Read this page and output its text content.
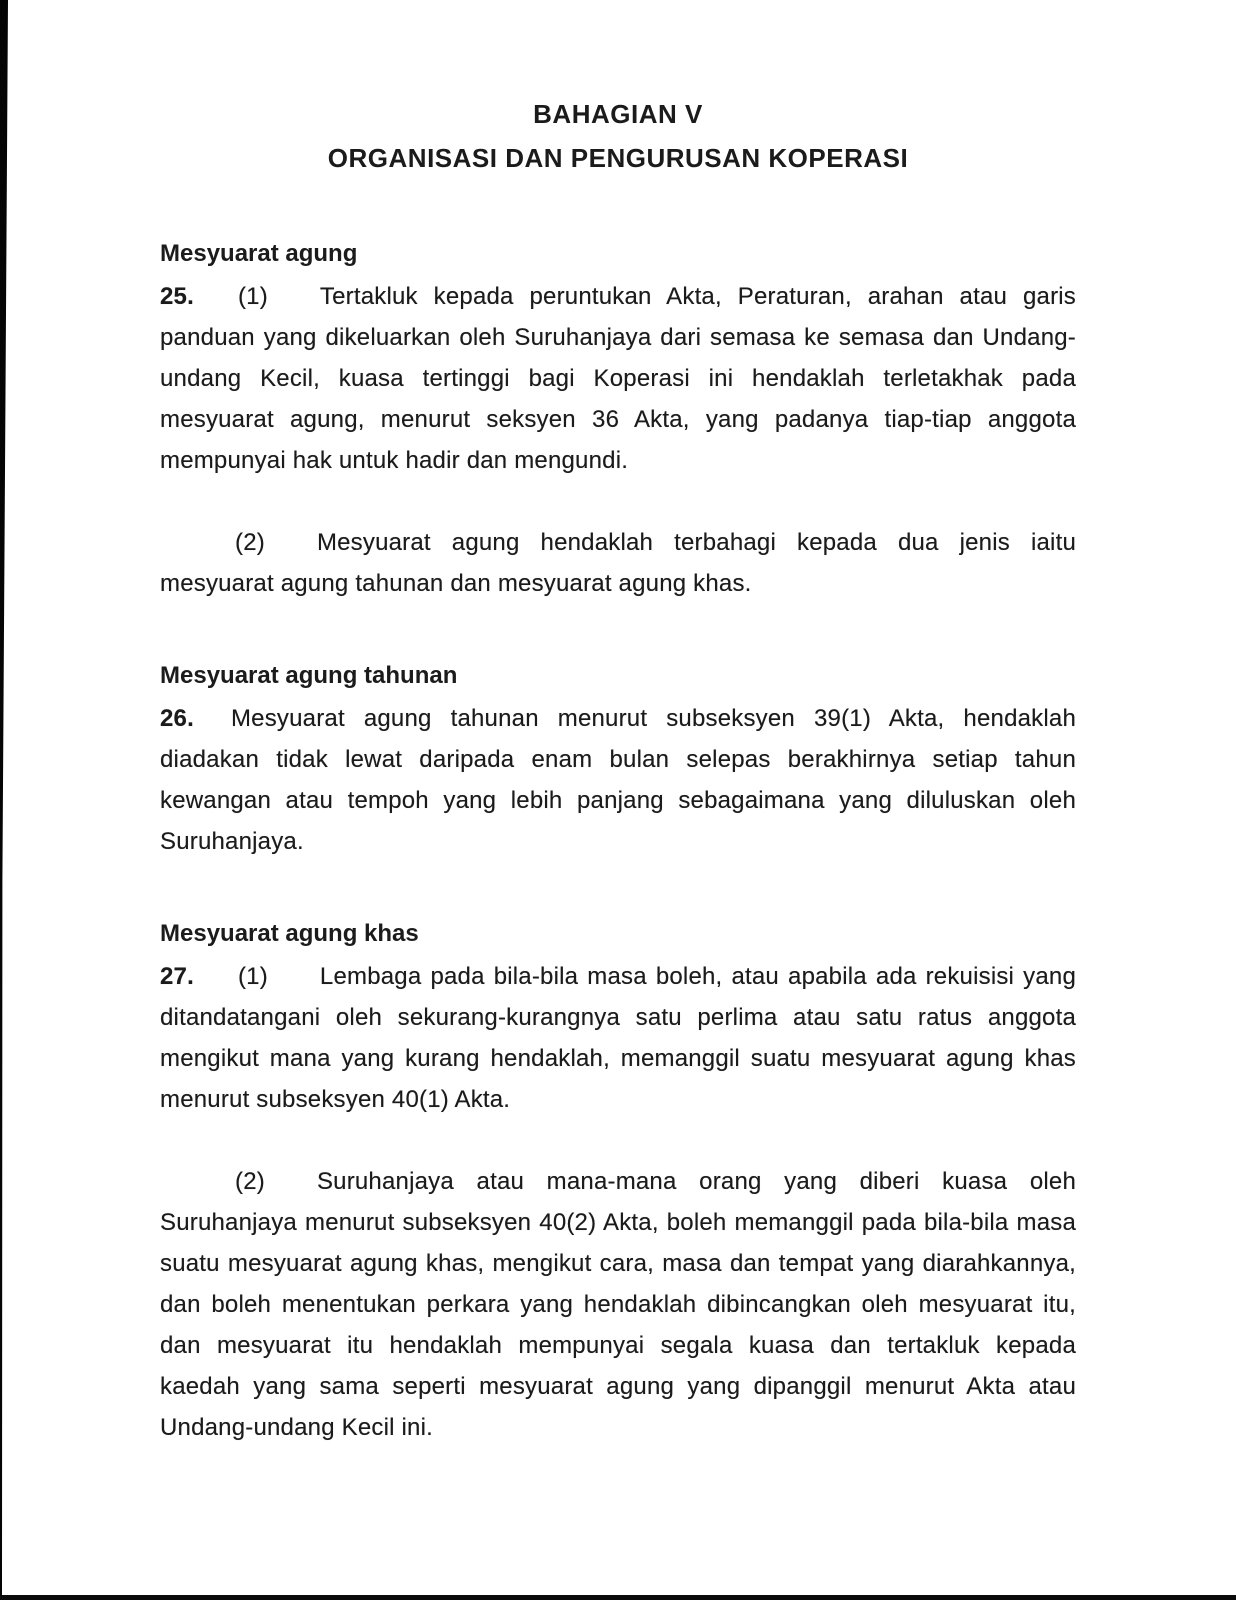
BAHAGIAN V
ORGANISASI DAN PENGURUSAN KOPERASI
Mesyuarat agung

25. (1) Tertakluk kepada peruntukan Akta, Peraturan, arahan atau garis panduan yang dikeluarkan oleh Suruhanjaya dari semasa ke semasa dan Undang-undang Kecil, kuasa tertinggi bagi Koperasi ini hendaklah terletakhak pada mesyuarat agung, menurut seksyen 36 Akta, yang padanya tiap-tiap anggota mempunyai hak untuk hadir dan mengundi.

(2) Mesyuarat agung hendaklah terbahagi kepada dua jenis iaitu mesyuarat agung tahunan dan mesyuarat agung khas.

Mesyuarat agung tahunan

26. Mesyuarat agung tahunan menurut subseksyen 39(1) Akta, hendaklah diadakan tidak lewat daripada enam bulan selepas berakhirnya setiap tahun kewangan atau tempoh yang lebih panjang sebagaimana yang diluluskan oleh Suruhanjaya.

Mesyuarat agung khas

27. (1) Lembaga pada bila-bila masa boleh, atau apabila ada rekuisisi yang ditandatangani oleh sekurang-kurangnya satu perlima atau satu ratus anggota mengikut mana yang kurang hendaklah, memanggil suatu mesyuarat agung khas menurut subseksyen 40(1) Akta.

(2) Suruhanjaya atau mana-mana orang yang diberi kuasa oleh Suruhanjaya menurut subseksyen 40(2) Akta, boleh memanggil pada bila-bila masa suatu mesyuarat agung khas, mengikut cara, masa dan tempat yang diarahkannya, dan boleh menentukan perkara yang hendaklah dibincangkan oleh mesyuarat itu, dan mesyuarat itu hendaklah mempunyai segala kuasa dan tertakluk kepada kaedah yang sama seperti mesyuarat agung yang dipanggil menurut Akta atau Undang-undang Kecil ini.
